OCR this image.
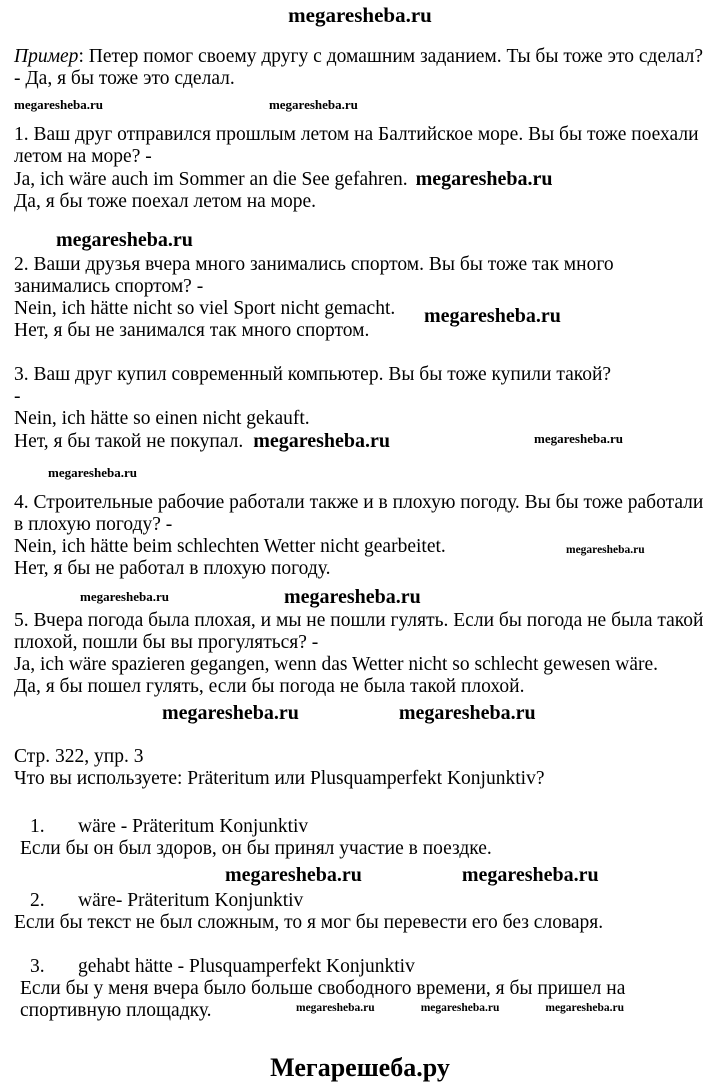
megaresheba.ru

Пример: Петер помог своему другу с домашним заданием. Ты бы тоже это сделал? - Да, я бы тоже это сделал.

megaresheba.ru	megaresheba.ru

1. Ваш друг отправился прошлым летом на Балтийское море. Вы бы тоже поехали летом на море? -

Ja, ich wäre auch im Sommer an die See gefahren. megaresheba.ru

Да, я бы тоже поехал летом на море.

megaresheba.ru

2. Ваши друзья вчера много занимались спортом. Вы бы тоже так много занимались спортом? -

Nein, ich hätte nicht so viel Sport nicht gemacht.

Нет, я бы не занимался так много спортом.
megaresheba.ru

3. Ваш друг купил современный компьютер. Вы бы тоже купили такой?

-

Nein, ich hätte so einen nicht gekauft.

Нет, я бы такой не покупал. megaresheba.ru	megaresheba.ru

megaresheba.ru

4. Строительные рабочие работали также и в плохую погоду. Вы бы тоже работали в плохую погоду? -

Nein, ich hätte beim schlechten Wetter nicht gearbeitet.	megaresheba.ru

Нет, я бы не работал в плохую погоду.

megaresheba.ru	megaresheba.ru

5. Вчера погода была плохая, и мы не пошли гулять. Если бы погода не была такой плохой, пошли бы вы прогуляться? -

Ja, ich wäre spazieren gegangen, wenn das Wetter nicht so schlecht gewesen wäre.

Да, я бы пошел гулять, если бы погода не была такой плохой.

megaresheba.ru	megaresheba.ru

Стр. 322, упр. 3

Что вы используете: Präteritum или Plusquamperfekt Konjunktiv?

1. wäre - Präteritum Konjunktiv

Если бы он был здоров, он бы принял участие в поездке.

megaresheba.ru	megaresheba.ru

2. wäre- Präteritum Konjunktiv

Если бы текст не был сложным, то я мог бы перевести его без словаря.

3. gehabt hätte - Plusquamperfekt Konjunktiv

Если бы у меня вчера было больше свободного времени, я бы пришел на спортивную площадку.	megaresheba.ru	megaresheba.ru	megaresheba.ru

Мегарешеба.ру
